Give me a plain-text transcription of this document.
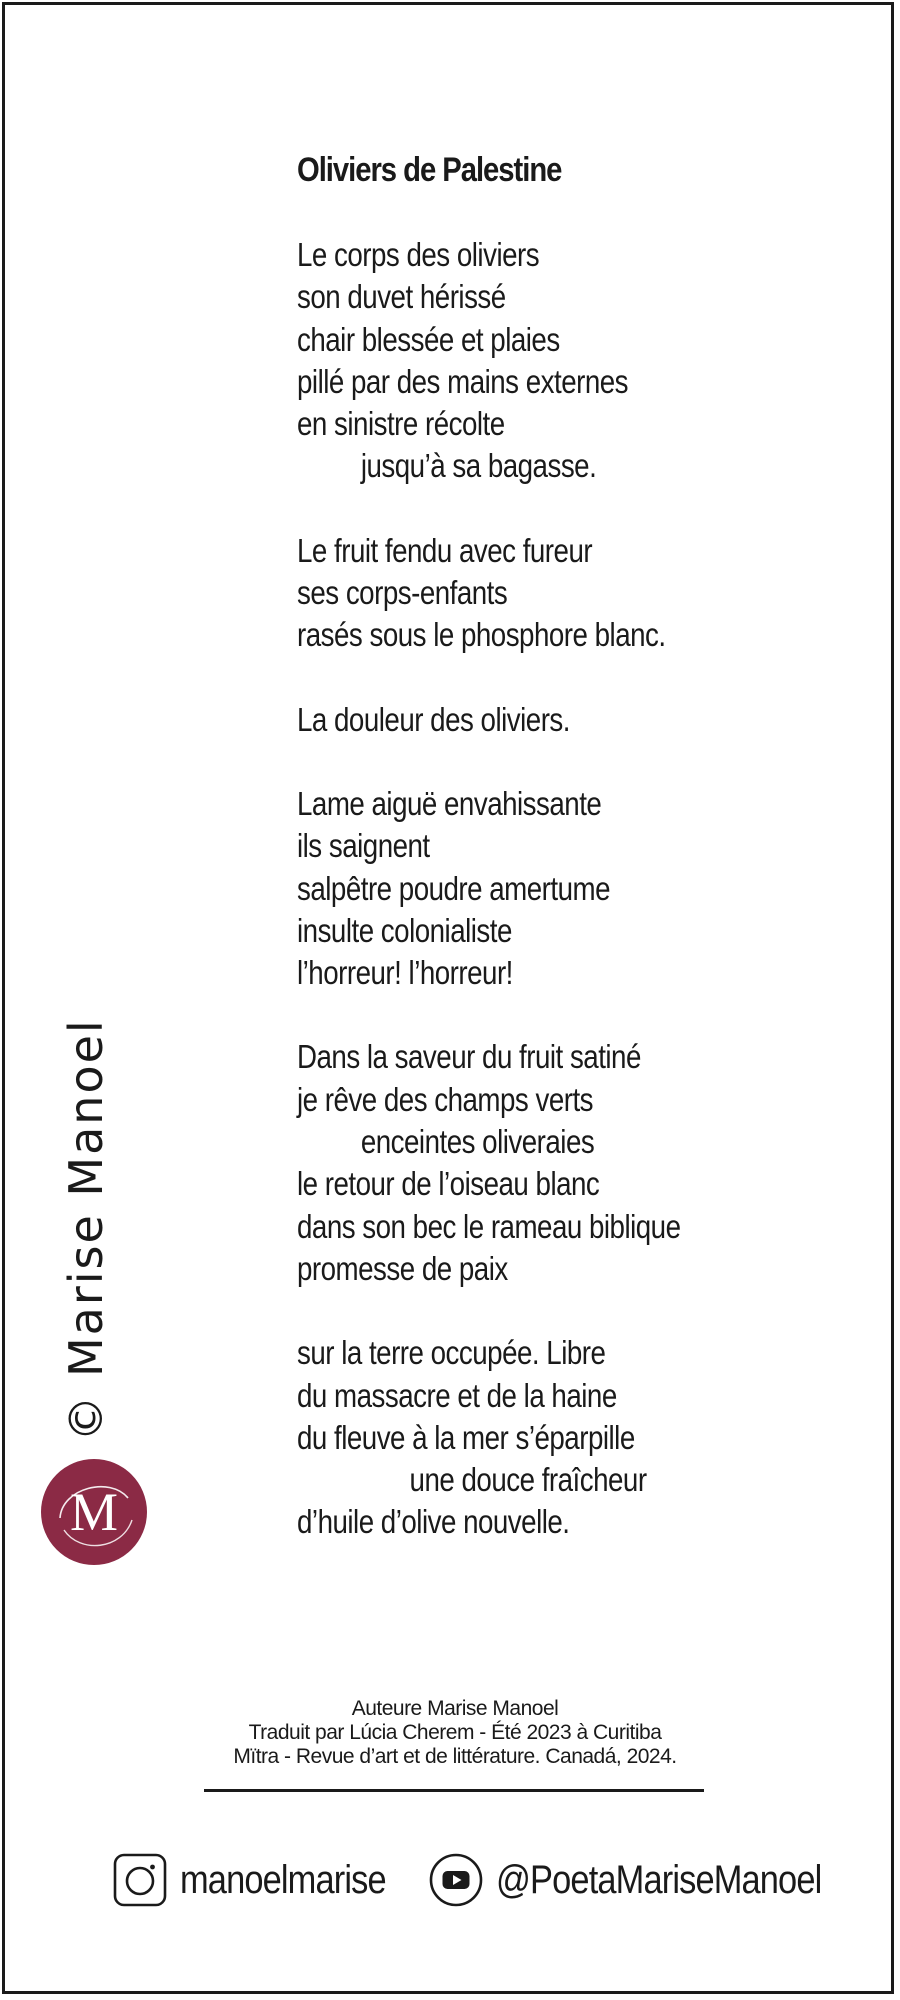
Oliviers de Palestine
Le corps des oliviers
son duvet hérissé
chair blessée et plaies
pillé par des mains externes
en sinistre récolte
jusqu’à sa bagasse.
Le fruit fendu avec fureur
ses corps-enfants
rasés sous le phosphore blanc.
La douleur des oliviers.
Lame aiguë envahissante
ils saignent
salpêtre poudre amertume
insulte colonialiste
l’horreur! l’horreur!
Dans la saveur du fruit satiné
je rêve des champs verts
enceintes oliveraies
le retour de l’oiseau blanc
dans son bec le rameau biblique
promesse de paix
sur la terre occupée. Libre
du massacre et de la haine
du fleuve à la mer s’éparpille
une douce fraîcheur
d’huile d’olive nouvelle.
© Marise Manoel
M
Auteure Marise Manoel
Traduit par Lúcia Cherem - Été 2023 à Curitiba
Mïtra - Revue d’art et de littérature. Canadá, 2024.
manoelmarise	@PoetaMariseManoel
